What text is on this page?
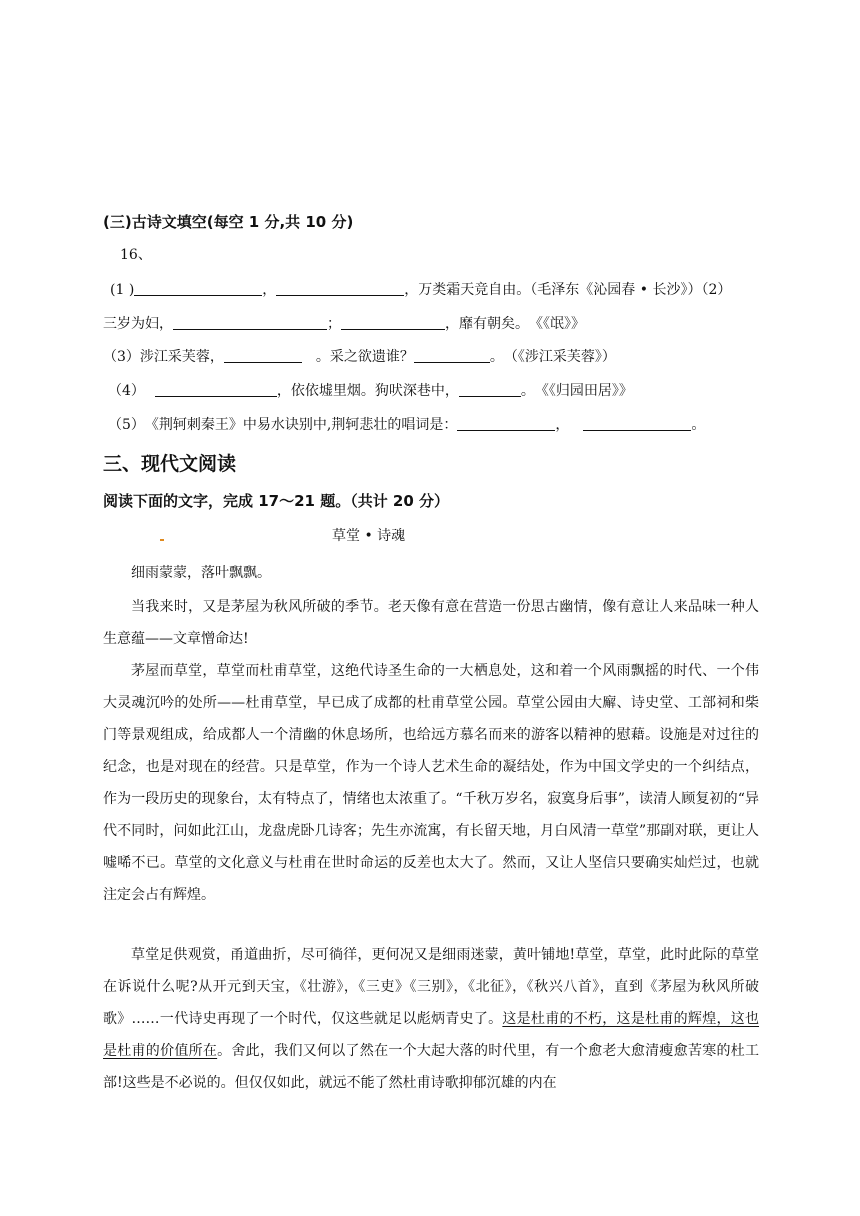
(三)古诗文填空(每空 1 分,共 10 分)
16、
(1 )	，	，万类霜天竞自由。（毛泽东《沁园春 • 长沙》）（2）
三岁为妇，	；	，靡有朝矣。　《《氓》》
（3）涉江采芙蓉，	　。采之欲遗谁？	。　（《涉江采芙蓉》）
（4）	，依依墟里烟。狗吠深巷中，	。　《《归园田居》》
（5）　《荆轲刺秦王》中易水诀别中,荆轲悲壮的唱词是：	，	。
三、现代文阅读
阅读下面的文字，完成 17～21 题。（共计 20 分）
草堂 • 诗魂
细雨蒙蒙，落叶飘飘。
当我来时，又是茅屋为秋风所破的季节。老天像有意在营造一份思古幽情，像有意让人来品味一种人生意蕴——文章憎命达!
茅屋而草堂，草堂而杜甫草堂，这绝代诗圣生命的一大栖息处，这和着一个风雨飘摇的时代、一个伟大灵魂沉吟的处所——杜甫草堂，早已成了成都的杜甫草堂公园。草堂公园由大廨、诗史堂、工部祠和柴门等景观组成，给成都人一个清幽的休息场所，也给远方慕名而来的游客以精神的慰藉。设施是对过往的纪念，也是对现在的经营。只是草堂，作为一个诗人艺术生命的凝结处，作为中国文学史的一个纠结点，作为一段历史的现象台，太有特点了，情绪也太浓重了。“千秋万岁名，寂寞身后事”，读清人顾复初的“异代不同时，问如此江山，龙盘虎卧几诗客；先生亦流寓，有长留天地，月白风清一草堂”那副对联，更让人嘘唏不已。草堂的文化意义与杜甫在世时命运的反差也太大了。然而，又让人坚信只要确实灿烂过，也就注定会占有辉煌。
草堂足供观赏，甬道曲折，尽可徜徉，更何况又是细雨迷蒙，黄叶铺地!草堂，草堂，此时此际的草堂在诉说什么呢?从开元到天宝，《壮游》，《三吏》《三别》，《北征》，《秋兴八首》，直到《茅屋为秋风所破歌》……一代诗史再现了一个时代，仅这些就足以彪炳青史了。这是杜甫的不朽，这是杜甫的辉煌，这也是杜甫的价值所在。舍此，我们又何以了然在一个大起大落的时代里，有一个愈老大愈清瘦愈苦寒的杜工部!这些是不必说的。但仅仅如此，就远不能了然杜甫诗歌抑郁沉雄的内在
